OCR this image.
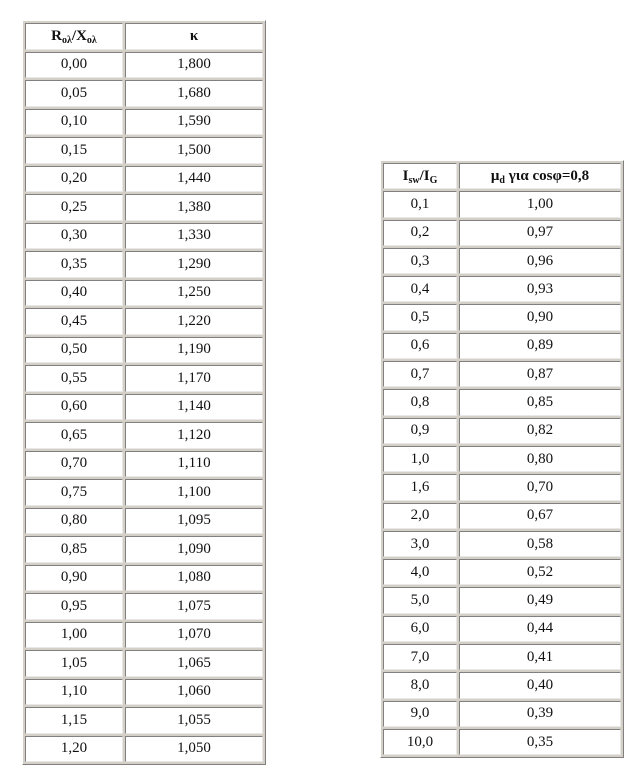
$R_{o\lambda}/X_{o\lambda}$	κ
0,00	1,800
0,05	1,680
0,10	1,590
0,15	1,500
0,20	1,440
0,25	1,380
0,30	1,330
0,35	1,290
0,40	1,250
0,45	1,220
0,50	1,190
0,55	1,170
0,60	1,140
0,65	1,120
0,70	1,110
0,75	1,100
0,80	1,095
0,85	1,090
0,90	1,080
0,95	1,075
1,00	1,070
1,05	1,065
1,10	1,060
1,15	1,055
1,20	1,050
$I_{sw}/I_G$	$\mu_d$ για cosφ=0,8
0,1	1,00
0,2	0,97
0,3	0,96
0,4	0,93
0,5	0,90
0,6	0,89
0,7	0,87
0,8	0,85
0,9	0,82
1,0	0,80
1,6	0,70
2,0	0,67
3,0	0,58
4,0	0,52
5,0	0,49
6,0	0,44
7,0	0,41
8,0	0,40
9,0	0,39
10,0	0,35
